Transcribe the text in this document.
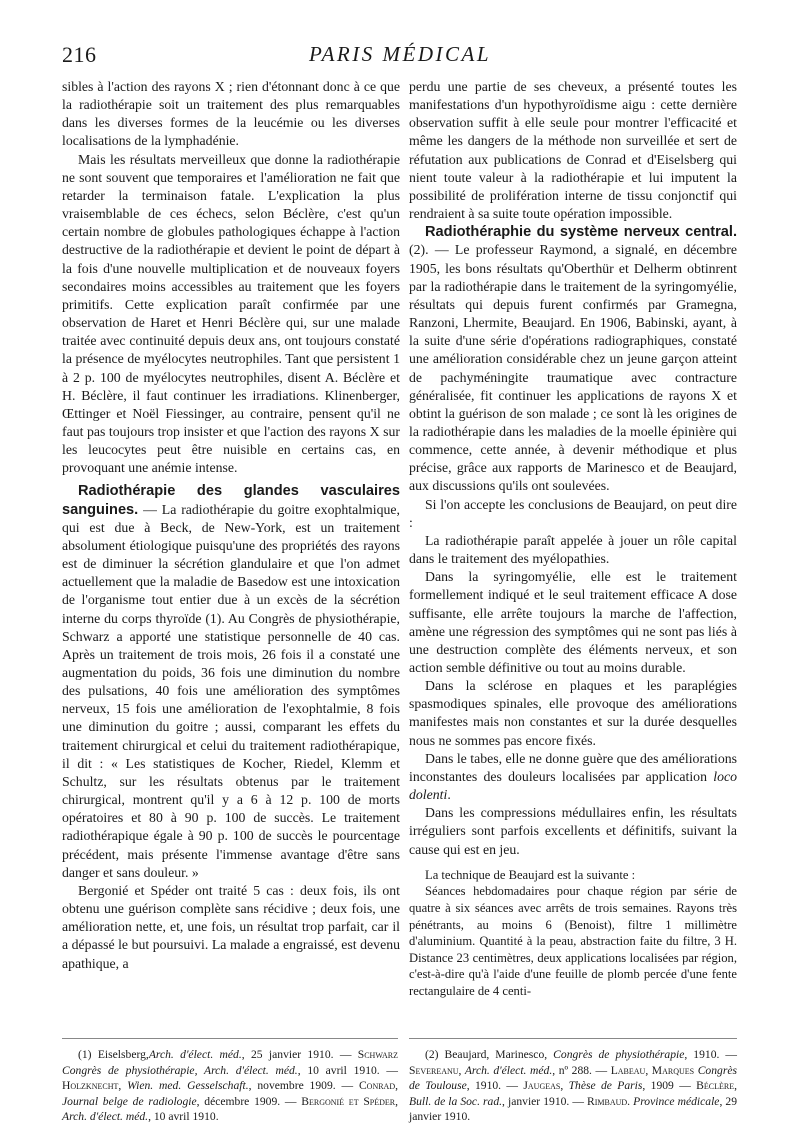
216	PARIS MÉDICAL

sibles à l'action des rayons X ; rien d'étonnant donc à ce que la radiothérapie soit un traitement des plus remarquables dans les diverses formes de la leucémie ou les diverses localisations de la lymphadénie.

Mais les résultats merveilleux que donne la radiothérapie ne sont souvent que temporaires et l'amélioration ne fait que retarder la terminaison fatale. L'explication la plus vraisemblable de ces échecs, selon Béclère, c'est qu'un certain nombre de globules pathologiques échappe à l'action destructive de la radiothérapie et devient le point de départ à la fois d'une nouvelle multiplication et de nouveaux foyers secondaires moins accessibles au traitement que les foyers primitifs. Cette explication paraît confirmée par une observation de Haret et Henri Béclère qui, sur une malade traitée avec continuité depuis deux ans, ont toujours constaté la présence de myélocytes neutrophiles. Tant que persistent 1 à 2 p. 100 de myélocytes neutrophiles, disent A. Béclère et H. Béclère, il faut continuer les irradiations. Klinenberger, Œttinger et Noël Fiessinger, au contraire, pensent qu'il ne faut pas toujours trop insister et que l'action des rayons X sur les leucocytes peut être nuisible en certains cas, en provoquant une anémie intense.

Radiothérapie des glandes vasculaires sanguines. — La radiothérapie du goitre exophtalmique, qui est due à Beck, de New-York, est un traitement absolument étiologique puisqu'une des propriétés des rayons est de diminuer la sécrétion glandulaire et que l'on admet actuellement que la maladie de Basedow est une intoxication de l'organisme tout entier due à un excès de la sécrétion interne du corps thyroïde (1). Au Congrès de physiothérapie, Schwarz a apporté une statistique personnelle de 40 cas. Après un traitement de trois mois, 26 fois il a constaté une augmentation du poids, 36 fois une diminution du nombre des pulsations, 40 fois une amélioration des symptômes nerveux, 15 fois une amélioration de l'exophtalmie, 8 fois une diminution du goitre ; aussi, comparant les effets du traitement chirurgical et celui du traitement radiothérapique, il dit : « Les statistiques de Kocher, Riedel, Klemm et Schultz, sur les résultats obtenus par le traitement chirurgical, montrent qu'il y a 6 à 12 p. 100 de morts opératoires et 80 à 90 p. 100 de succès. Le traitement radiothérapique égale à 90 p. 100 de succès le pourcentage précédent, mais présente l'immense avantage d'être sans danger et sans douleur. »

Bergonié et Spéder ont traité 5 cas : deux fois, ils ont obtenu une guérison complète sans récidive ; deux fois, une amélioration nette, et, une fois, un résultat trop parfait, car il a dépassé le but poursuivi. La malade a engraissé, est devenu apathique, a

perdu une partie de ses cheveux, a présenté toutes les manifestations d'un hypothyroïdisme aigu : cette dernière observation suffit à elle seule pour montrer l'efficacité et même les dangers de la méthode non surveillée et sert de réfutation aux publications de Conrad et d'Eiselsberg qui nient toute valeur à la radiothérapie et lui imputent la possibilité de prolifération interne de tissu conjonctif qui rendraient à sa suite toute opération impossible.

Radiothéraphie du système nerveux central. (2). — Le professeur Raymond, a signalé, en décembre 1905, les bons résultats qu'Oberthür et Delherm obtinrent par la radiothérapie dans le traitement de la syringomyélie, résultats qui depuis furent confirmés par Gramegna, Ranzoni, Lhermite, Beaujard. En 1906, Babinski, ayant, à la suite d'une série d'opérations radiographiques, constaté une amélioration considérable chez un jeune garçon atteint de pachyméningite traumatique avec contracture généralisée, fit continuer les applications de rayons X et obtint la guérison de son malade ; ce sont là les origines de la radiothérapie dans les maladies de la moelle épinière qui commence, cette année, à devenir méthodique et plus précise, grâce aux rapports de Marinesco et de Beaujard, aux discussions qu'ils ont soulevées.

Si l'on accepte les conclusions de Beaujard, on peut dire :

La radiothérapie paraît appelée à jouer un rôle capital dans le traitement des myélopathies.

Dans la syringomyélie, elle est le traitement formellement indiqué et le seul traitement efficace A dose suffisante, elle arrête toujours la marche de l'affection, amène une régression des symptômes qui ne sont pas liés à une destruction complète des éléments nerveux, et son action semble définitive ou tout au moins durable.

Dans la sclérose en plaques et les paraplégies spasmodiques spinales, elle provoque des améliorations manifestes mais non constantes et sur la durée desquelles nous ne sommes pas encore fixés.

Dans le tabes, elle ne donne guère que des améliorations inconstantes des douleurs localisées par application loco dolenti.

Dans les compressions médullaires enfin, les résultats irréguliers sont parfois excellents et définitifs, suivant la cause qui est en jeu.

La technique de Beaujard est la suivante :

Séances hebdomadaires pour chaque région par série de quatre à six séances avec arrêts de trois semaines. Rayons très pénétrants, au moins 6 (Benoist), filtre 1 millimètre d'aluminium. Quantité à la peau, abstraction faite du filtre, 3 H. Distance 23 centimètres, deux applications localisées par région, c'est-à-dire qu'à l'aide d'une feuille de plomb percée d'une fente rectangulaire de 4 centi-

(1) Eiselsberg,Arch. d'élect. méd., 25 janvier 1910. — Schwarz Congrès de physiothérapie, Arch. d'élect. méd., 10 avril 1910. — Holzknecht, Wien. med. Gesselschaft., novembre 1909. — Conrad, Journal belge de radiologie, décembre 1909. — Bergonié et Spéder, Arch. d'élect. méd., 10 avril 1910.

(2) Beaujard, Marinesco, Congrès de physiothérapie, 1910. — Severeanu, Arch. d'élect. méd., nº 288. — Labeau, Marques Congrès de Toulouse, 1910. — Jaugeas, Thèse de Paris, 1909 — Béclère, Bull. de la Soc. rad., janvier 1910. — Rimbaud. Province médicale, 29 janvier 1910.
